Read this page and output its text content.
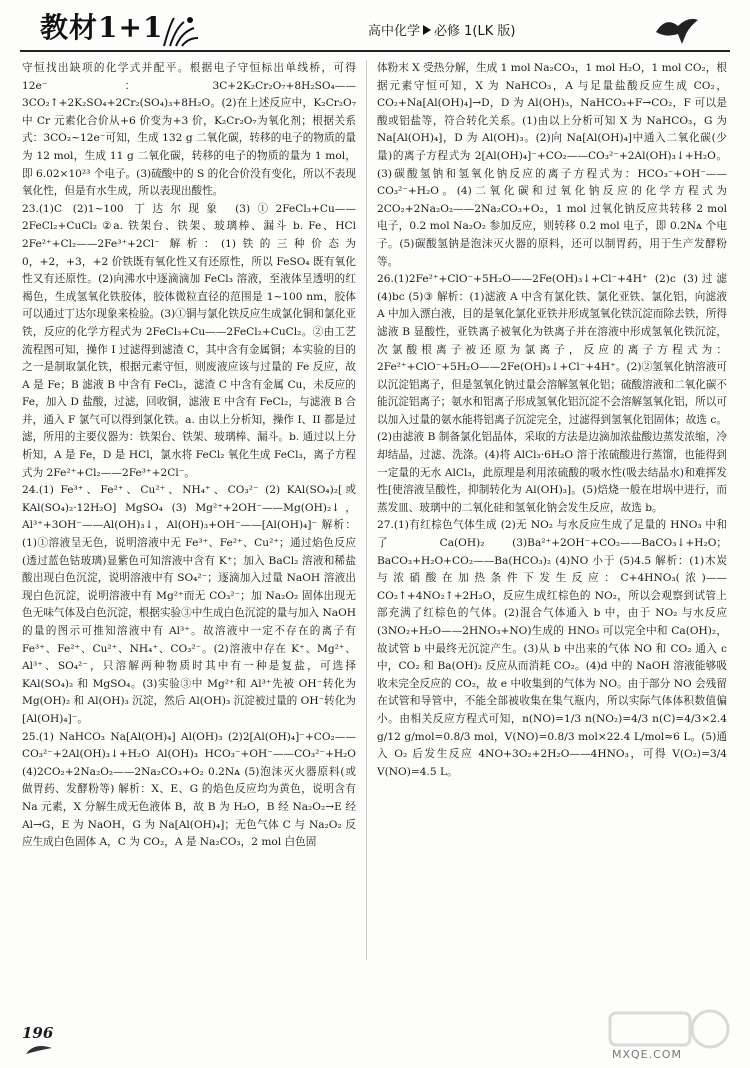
教材1+1	高中化学 必修 1(LK 版)

守恒找出缺项的化学式并配平。根据电子守恒标出单线桥，可得 12e⁻：3C+2K₂Cr₂O₇+8H₂SO₄——3CO₂↑+2K₂SO₄+2Cr₂(SO₄)₃+8H₂O。(2)在上述反应中，K₂Cr₂O₇ 中 Cr 元素化合价从+6 价变为+3 价，K₂Cr₂O₇为氧化剂；根据关系式：3CO₂~12e⁻可知，生成 132 g 二氧化碳，转移的电子的物质的量为 12 mol，生成 11 g 二氧化碳，转移的电子的物质的量为 1 mol，即 6.02×10²³ 个电子。(3)硫酸中的 S 的化合价没有变化，所以不表现氧化性，但是有水生成，所以表现出酸性。

23.(1)C (2)1~100 丁达尔现象 (3)①2FeCl₃+Cu——2FeCl₂+CuCl₂ ②a. 铁架台、铁架、玻璃棒、漏斗 b. Fe、HCl 2Fe²⁺+Cl₂——2Fe³⁺+2Cl⁻ 解析：(1)铁的三种价态为 0，+2，+3，+2 价铁既有氧化性又有还原性，所以 FeSO₄ 既有氧化性又有还原性。(2)向沸水中逐滴滴加 FeCl₃ 溶液，至液体呈透明的红褐色，生成氢氧化铁胶体，胶体微粒直径的范围是 1~100 nm，胶体可以通过丁达尔现象来检验。(3)①铜与氯化铁反应生成氯化铜和氯化亚铁，反应的化学方程式为 2FeCl₃+Cu——2FeCl₂+CuCl₂。②由工艺流程图可知，操作 I 过滤得到滤渣 C，其中含有金属铜；本实验的目的之一是制取氯化铁，根据元素守恒，则废液应该与过量的 Fe 反应，故 A 是 Fe；B 滤液 B 中含有 FeCl₂，滤渣 C 中含有金属 Cu，未反应的 Fe，加入 D 盐酸，过滤，回收铜，滤液 E 中含有 FeCl₂，与滤液 B 合并，通入 F 氯气可以得到氯化铁。a. 由以上分析知，操作 I、II 都是过滤，所用的主要仪器为：铁架台、铁架、玻璃棒、漏斗。b. 通过以上分析知，A 是 Fe，D 是 HCl，氯水将 FeCl₂ 氧化生成 FeCl₃，离子方程式为 2Fe²⁺+Cl₂——2Fe³⁺+2Cl⁻。

24.(1) Fe³⁺、Fe²⁺、Cu²⁺、NH₄⁺、CO₃²⁻ (2) KAl(SO₄)₂[或 KAl(SO₄)₂·12H₂O] MgSO₄ (3) Mg²⁺+2OH⁻——Mg(OH)₂↓，Al³⁺+3OH⁻——Al(OH)₃↓，Al(OH)₃+OH⁻——[Al(OH)₄]⁻ 解析：(1)①溶液呈无色，说明溶液中无 Fe³⁺、Fe²⁺、Cu²⁺；通过焰色反应(透过蓝色钴玻璃)显紫色可知溶液中含有 K⁺；加入 BaCl₂ 溶液和稀盐酸出现白色沉淀，说明溶液中有 SO₄²⁻；逐滴加入过量 NaOH 溶液出现白色沉淀，说明溶液中有 Mg²⁺而无 CO₃²⁻；加 Na₂O₂ 固体出现无色无味气体及白色沉淀，根据实验③中生成白色沉淀的量与加入 NaOH 的量的图示可推知溶液中有 Al³⁺。故溶液中一定不存在的离子有 Fe³⁺、Fe²⁺、Cu²⁺、NH₄⁺、CO₃²⁻。(2)溶液中存在 K⁺、Mg²⁺、Al³⁺、SO₄²⁻，只溶解两种物质时其中有一种是复盐，可选择 KAl(SO₄)₂ 和 MgSO₄。(3)实验③中 Mg²⁺和 Al³⁺先被 OH⁻转化为 Mg(OH)₂ 和 Al(OH)₃ 沉淀，然后 Al(OH)₃ 沉淀被过量的 OH⁻转化为[Al(OH)₄]⁻。

25.(1) NaHCO₃ Na[Al(OH)₄] Al(OH)₃ (2)2[Al(OH)₄]⁻+CO₂——CO₃²⁻+2Al(OH)₃↓+H₂O Al(OH)₃ HCO₃⁻+OH⁻——CO₃²⁻+H₂O (4)2CO₂+2Na₂O₂——2Na₂CO₃+O₂ 0.2Nᴀ (5)泡沫灭火器原料(或做胃药、发酵粉等) 解析：X、E、G 的焰色反应均为黄色，说明含有 Na 元素，X 分解生成无色液体 B，故 B 为 H₂O，B 经 Na₂O₂→E 经 Al→G，E 为 NaOH，G 为 Na[Al(OH)₄]；无色气体 C 与 Na₂O₂ 反应生成白色固体 A，C 为 CO₂，A 是 Na₂CO₃，2 mol 白色固

体粉末 X 受热分解，生成 1 mol Na₂CO₃，1 mol H₂O，1 mol CO₂，根据元素守恒可知，X 为 NaHCO₃，A 与足量盐酸反应生成 CO₂，CO₂+Na[Al(OH)₄]→D，D 为 Al(OH)₃，NaHCO₃+F→CO₂，F 可以是酸或铝盐等，符合转化关系。(1)由以上分析可知 X 为 NaHCO₃，G 为 Na[Al(OH)₄]，D 为 Al(OH)₃。(2)向 Na[Al(OH)₄]中通入二氧化碳(少量)的离子方程式为 2[Al(OH)₄]⁻+CO₂——CO₃²⁻+2Al(OH)₃↓+H₂O。(3)碳酸氢钠和氢氧化钠反应的离子方程式为：HCO₃⁻+OH⁻——CO₃²⁻+H₂O。(4)二氧化碳和过氧化钠反应的化学方程式为 2CO₂+2Na₂O₂——2Na₂CO₃+O₂，1 mol 过氧化钠反应共转移 2 mol 电子，0.2 mol Na₂O₂ 参加反应，则转移 0.2 mol 电子，即 0.2Nᴀ 个电子。(5)碳酸氢钠是泡沫灭火器的原料，还可以制胃药，用于生产发酵粉等。

26.(1)2Fe²⁺+ClO⁻+5H₂O——2Fe(OH)₃↓+Cl⁻+4H⁺ (2)c (3)过滤 (4)bc (5)③ 解析：(1)滤液 A 中含有氯化铁、氯化亚铁、氯化铝，向滤液 A 中加入漂白液，目的是氧化氯化亚铁并形成氢氧化铁沉淀而除去铁，所得滤液 B 显酸性，亚铁离子被氧化为铁离子并在溶液中形成氢氧化铁沉淀，次氯酸根离子被还原为氯离子，反应的离子方程式为：2Fe²⁺+ClO⁻+5H₂O——2Fe(OH)₃↓+Cl⁻+4H⁺。(2)②氢氧化钠溶液可以沉淀铝离子，但是氢氧化钠过量会溶解氢氧化铝；硫酸溶液和二氧化碳不能沉淀铝离子；氨水和铝离子形成氢氧化铝沉淀不会溶解氢氧化铝，所以可以加入过量的氨水能将铝离子沉淀完全，过滤得到氢氧化铝固体；故选 c。(2)由滤液 B 制备氯化铝晶体，采取的方法是边滴加浓盐酸边蒸发浓缩，冷却结晶，过滤、洗涤。(4)将 AlCl₃·6H₂O 溶于浓硫酸进行蒸馏，也能得到一定量的无水 AlCl₃，此原理是利用浓硫酸的吸水性(吸去结晶水)和难挥发性[使溶液呈酸性，抑制转化为 Al(OH)₃]。(5)焙烧一般在坩埚中进行，而蒸发皿、玻璃中的二氧化硅和氢氧化钠会发生反应，故选 b。

27.(1)有红棕色气体生成 (2)无 NO₂ 与水反应生成了足量的 HNO₃ 中和了 Ca(OH)₂ (3)Ba²⁺+2OH⁻+CO₂——BaCO₃↓+H₂O；BaCO₃+H₂O+CO₂——Ba(HCO₃)₂ (4)NO 小于 (5)4.5 解析：(1)木炭与浓硝酸在加热条件下发生反应：C+4HNO₃(浓)——CO₂↑+4NO₂↑+2H₂O，反应生成红棕色的 NO₂，所以会观察到试管上部充满了红棕色的气体。(2)混合气体通入 b 中，由于 NO₂ 与水反应(3NO₂+H₂O——2HNO₃+NO)生成的 HNO₃ 可以完全中和 Ca(OH)₂，故试管 b 中最终无沉淀产生。(3)从 b 中出来的气体 NO 和 CO₂ 通入 c 中，CO₂ 和 Ba(OH)₂ 反应从而消耗 CO₂。(4)d 中的 NaOH 溶液能够吸收未完全反应的 CO₂，故 e 中收集到的气体为 NO。由于部分 NO 会残留在试管和导管中，不能全部被收集在集气瓶内，所以实际气体体积数值偏小。由相关反应方程式可知，n(NO)=1/3 n(NO₂)=4/3 n(C)=4/3×2.4 g/12 g/mol=0.8/3 mol，V(NO)=0.8/3 mol×22.4 L/mol≈6 L。(5)通入 O₂ 后发生反应 4NO+3O₂+2H₂O——4HNO₃，可得 V(O₂)=3/4 V(NO)=4.5 L。

196
MXQE.COM
